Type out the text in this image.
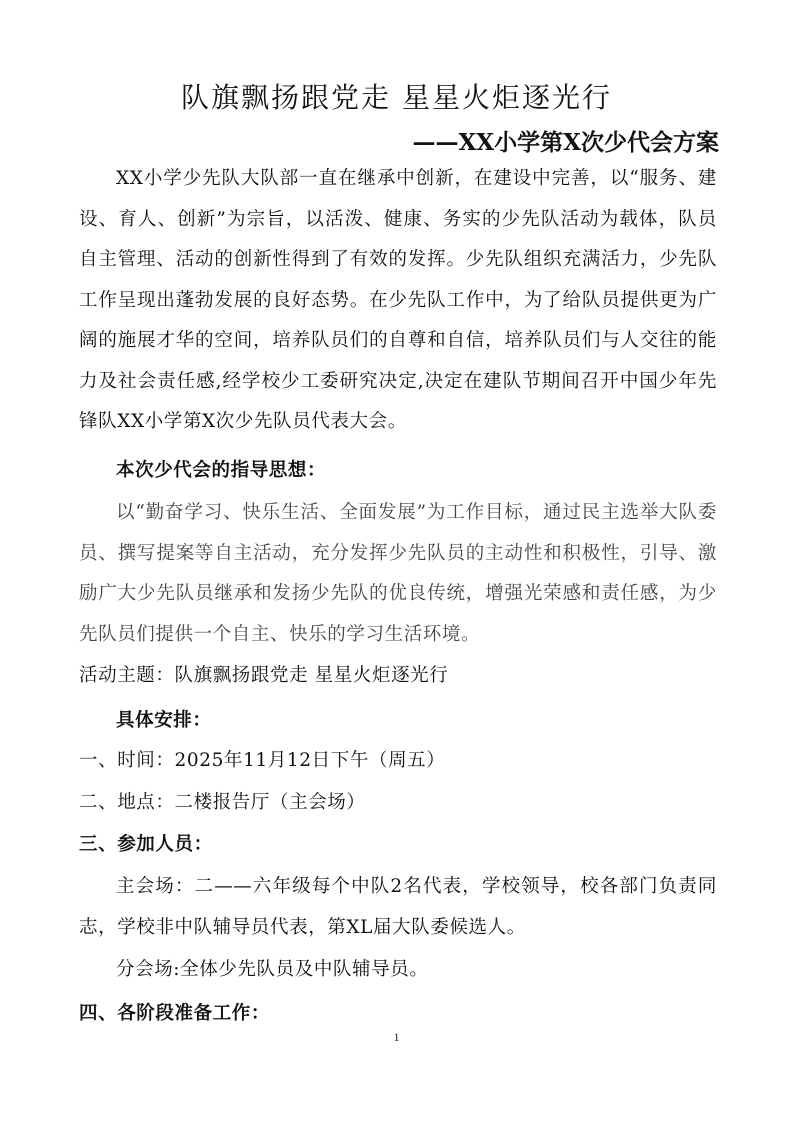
队旗飘扬跟党走 星星火炬逐光行
——XX小学第X次少代会方案

XX小学少先队大队部一直在继承中创新，在建设中完善，以“服务、建设、育人、创新”为宗旨，以活泼、健康、务实的少先队活动为载体，队员自主管理、活动的创新性得到了有效的发挥。少先队组织充满活力，少先队工作呈现出蓬勃发展的良好态势。在少先队工作中，为了给队员提供更为广阔的施展才华的空间，培养队员们的自尊和自信，培养队员们与人交往的能力及社会责任感,经学校少工委研究决定,决定在建队节期间召开中国少年先锋队XX小学第X次少先队员代表大会。

本次少代会的指导思想：

以“勤奋学习、快乐生活、全面发展”为工作目标，通过民主选举大队委员、撰写提案等自主活动，充分发挥少先队员的主动性和积极性，引导、激励广大少先队员继承和发扬少先队的优良传统，增强光荣感和责任感，为少先队员们提供一个自主、快乐的学习生活环境。

活动主题：队旗飘扬跟党走 星星火炬逐光行
具体安排：
一、时间：2025年11月12日下午（周五）
二、地点：二楼报告厅（主会场）
三、参加人员：

主会场：二——六年级每个中队2名代表，学校领导，校各部门负责同志，学校非中队辅导员代表，第XL届大队委候选人。

分会场:全体少先队员及中队辅导员。
四、各阶段准备工作：
1
